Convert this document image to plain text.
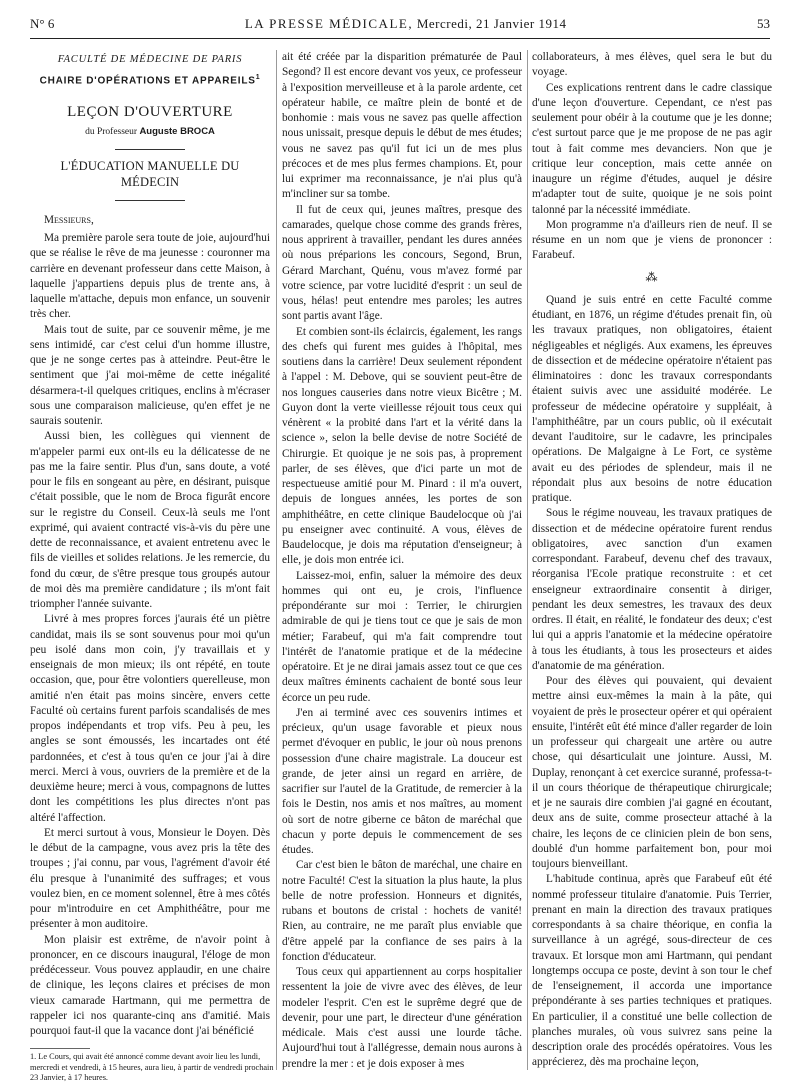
N° 6	LA PRESSE MÉDICALE, Mercredi, 21 Janvier 1914	53
FACULTÉ DE MÉDECINE DE PARIS
CHAIRE D'OPÉRATIONS ET APPAREILS$^1$
LEÇON D'OUVERTURE
du Professeur Auguste BROCA
L'ÉDUCATION MANUELLE DU MÉDECIN

Messieurs,

Ma première parole sera toute de joie, aujourd'hui que se réalise le rêve de ma jeunesse : couronner ma carrière en devenant professeur dans cette Maison, à laquelle j'appartiens depuis plus de trente ans, à laquelle m'attache, depuis mon enfance, un souvenir très cher.

Mais tout de suite, par ce souvenir même, je me sens intimidé, car c'est celui d'un homme illustre, que je ne songe certes pas à atteindre. Peut-être le sentiment que j'ai moi-même de cette inégalité désarmera-t-il quelques critiques, enclins à m'écraser sous une comparaison malicieuse, qu'en effet je ne saurais soutenir.

Aussi bien, les collègues qui viennent de m'appeler parmi eux ont-ils eu la délicatesse de ne pas me la faire sentir. Plus d'un, sans doute, a voté pour le fils en songeant au père, en désirant, puisque c'était possible, que le nom de Broca figurât encore sur le registre du Conseil. Ceux-là seuls me l'ont exprimé, qui avaient contracté vis-à-vis du père une dette de reconnaissance, et avaient entretenu avec le fils de vieilles et solides relations. Je les remercie, du fond du cœur, de s'être presque tous groupés autour de moi dès ma première candidature ; ils m'ont fait triompher l'année suivante.

Livré à mes propres forces j'aurais été un piètre candidat, mais ils se sont souvenus pour moi qu'un peu isolé dans mon coin, j'y travaillais et y enseignais de mon mieux; ils ont répété, en toute occasion, que, pour être volontiers querelleuse, mon amitié n'en était pas moins sincère, envers cette Faculté où certains furent parfois scandalisés de mes propos indépendants et trop vifs. Peu à peu, les angles se sont émoussés, les incartades ont été pardonnées, et c'est à tous qu'en ce jour j'ai à dire merci. Merci à vous, ouvriers de la première et de la deuxième heure; merci à vous, compagnons de luttes dont les compétitions les plus directes n'ont pas altéré l'affection.

Et merci surtout à vous, Monsieur le Doyen. Dès le début de la campagne, vous avez pris la tête des troupes ; j'ai connu, par vous, l'agrément d'avoir été élu presque à l'unanimité des suffrages; et vous voulez bien, en ce moment solennel, être à mes côtés pour m'introduire en cet Amphithéâtre, pour me présenter à mon auditoire.

Mon plaisir est extrême, de n'avoir point à prononcer, en ce discours inaugural, l'éloge de mon prédécesseur. Vous pouvez applaudir, en une chaire de clinique, les leçons claires et précises de mon vieux camarade Hartmann, qui me permettra de rappeler ici nos quarante-cinq ans d'amitié. Mais pourquoi faut-il que la vacance dont j'ai bénéficié

1. Le Cours, qui avait été annoncé comme devant avoir lieu les lundi, mercredi et vendredi, à 15 heures, aura lieu, à partir de vendredi prochain 23 Janvier, à 17 heures.

ait été créée par la disparition prématurée de Paul Segond? Il est encore devant vos yeux, ce professeur à l'exposition merveilleuse et à la parole ardente, cet opérateur habile, ce maître plein de bonté et de bonhomie : mais vous ne savez pas quelle affection nous unissait, presque depuis le début de mes études; vous ne savez pas qu'il fut ici un de mes plus précoces et de mes plus fermes champions. Et, pour lui exprimer ma reconnaissance, je n'ai plus qu'à m'incliner sur sa tombe.

Il fut de ceux qui, jeunes maîtres, presque des camarades, quelque chose comme des grands frères, nous apprirent à travailler, pendant les dures années où nous préparions les concours, Segond, Brun, Gérard Marchant, Quénu, vous m'avez formé par votre science, par votre lucidité d'esprit : un seul de vous, hélas! peut entendre mes paroles; les autres sont partis avant l'âge.

Et combien sont-ils éclaircis, également, les rangs des chefs qui furent mes guides à l'hôpital, mes soutiens dans la carrière! Deux seulement répondent à l'appel : M. Debove, qui se souvient peut-être de nos longues causeries dans notre vieux Bicêtre ; M. Guyon dont la verte vieillesse réjouit tous ceux qui vénèrent « la probité dans l'art et la vérité dans la science », selon la belle devise de notre Société de Chirurgie. Et quoique je ne sois pas, à proprement parler, de ses élèves, que d'ici parte un mot de respectueuse amitié pour M. Pinard : il m'a ouvert, depuis de longues années, les portes de son amphithéâtre, en cette clinique Baudelocque où j'ai pu enseigner avec continuité. A vous, élèves de Baudelocque, je dois ma réputation d'enseigneur; à elle, je dois mon entrée ici.

Laissez-moi, enfin, saluer la mémoire des deux hommes qui ont eu, je crois, l'influence prépondérante sur moi : Terrier, le chirurgien admirable de qui je tiens tout ce que je sais de mon métier; Farabeuf, qui m'a fait comprendre tout l'intérêt de l'anatomie pratique et de la médecine opératoire. Et je ne dirai jamais assez tout ce que ces deux maîtres éminents cachaient de bonté sous leur écorce un peu rude.

J'en ai terminé avec ces souvenirs intimes et précieux, qu'un usage favorable et pieux nous permet d'évoquer en public, le jour où nous prenons possession d'une chaire magistrale. La douceur est grande, de jeter ainsi un regard en arrière, de sacrifier sur l'autel de la Gratitude, de remercier à la fois le Destin, nos amis et nos maîtres, au moment où sort de notre giberne ce bâton de maréchal que chacun y porte depuis le commencement de ses études.

Car c'est bien le bâton de maréchal, une chaire en notre Faculté! C'est la situation la plus haute, la plus belle de notre profession. Honneurs et dignités, rubans et boutons de cristal : hochets de vanité! Rien, au contraire, ne me paraît plus enviable que d'être appelé par la confiance de ses pairs à la fonction d'éducateur.

Tous ceux qui appartiennent au corps hospitalier ressentent la joie de vivre avec des élèves, de leur modeler l'esprit. C'en est le suprême degré que de devenir, pour une part, le directeur d'une génération médicale. Mais c'est aussi une lourde tâche. Aujourd'hui tout à l'allégresse, demain nous aurons à prendre la mer : et je dois exposer à mes

collaborateurs, à mes élèves, quel sera le but du voyage.

Ces explications rentrent dans le cadre classique d'une leçon d'ouverture. Cependant, ce n'est pas seulement pour obéir à la coutume que je les donne; c'est surtout parce que je me propose de ne pas agir tout à fait comme mes devanciers. Non que je critique leur conception, mais cette année on inaugure un régime d'études, auquel je désire m'adapter tout de suite, quoique je ne sois point talonné par la nécessité immédiate.

Mon programme n'a d'ailleurs rien de neuf. Il se résume en un nom que je viens de prononcer : Farabeuf.

⁂

Quand je suis entré en cette Faculté comme étudiant, en 1876, un régime d'études prenait fin, où les travaux pratiques, non obligatoires, étaient négligeables et négligés. Aux examens, les épreuves de dissection et de médecine opératoire n'étaient pas éliminatoires : donc les travaux correspondants étaient suivis avec une assiduité modérée. Le professeur de médecine opératoire y suppléait, à l'amphithéâtre, par un cours public, où il exécutait devant l'auditoire, sur le cadavre, les principales opérations. De Malgaigne à Le Fort, ce système avait eu des périodes de splendeur, mais il ne répondait plus aux besoins de notre éducation pratique.

Sous le régime nouveau, les travaux pratiques de dissection et de médecine opératoire furent rendus obligatoires, avec sanction d'un examen correspondant. Farabeuf, devenu chef des travaux, réorganisa l'Ecole pratique reconstruite : et cet enseigneur extraordinaire consentit à diriger, pendant les deux semestres, les travaux des deux ordres. Il était, en réalité, le fondateur des deux; c'est lui qui a appris l'anatomie et la médecine opératoire à tous les étudiants, à tous les prosecteurs et aides d'anatomie de ma génération.

Pour des élèves qui pouvaient, qui devaient mettre ainsi eux-mêmes la main à la pâte, qui voyaient de près le prosecteur opérer et qui opéraient ensuite, l'intérêt eût été mince d'aller regarder de loin un professeur qui chargeait une artère ou autre chose, qui désarticulait une jointure. Aussi, M. Duplay, renonçant à cet exercice suranné, professa-t-il un cours théorique de thérapeutique chirurgicale; et je ne saurais dire combien j'ai gagné en écoutant, deux ans de suite, comme prosecteur attaché à la chaire, les leçons de ce clinicien plein de bon sens, doublé d'un homme parfaitement bon, pour moi toujours bienveillant.

L'habitude continua, après que Farabeuf eût été nommé professeur titulaire d'anatomie. Puis Terrier, prenant en main la direction des travaux pratiques correspondants à sa chaire théorique, en confia la surveillance à un agrégé, sous-directeur de ces travaux. Et lorsque mon ami Hartmann, qui pendant longtemps occupa ce poste, devint à son tour le chef de l'enseignement, il accorda une importance prépondérante à ses parties techniques et pratiques. En particulier, il a constitué une belle collection de planches murales, où vous suivrez sans peine la description orale des procédés opératoires. Vous les apprécierez, dès ma prochaine leçon,
